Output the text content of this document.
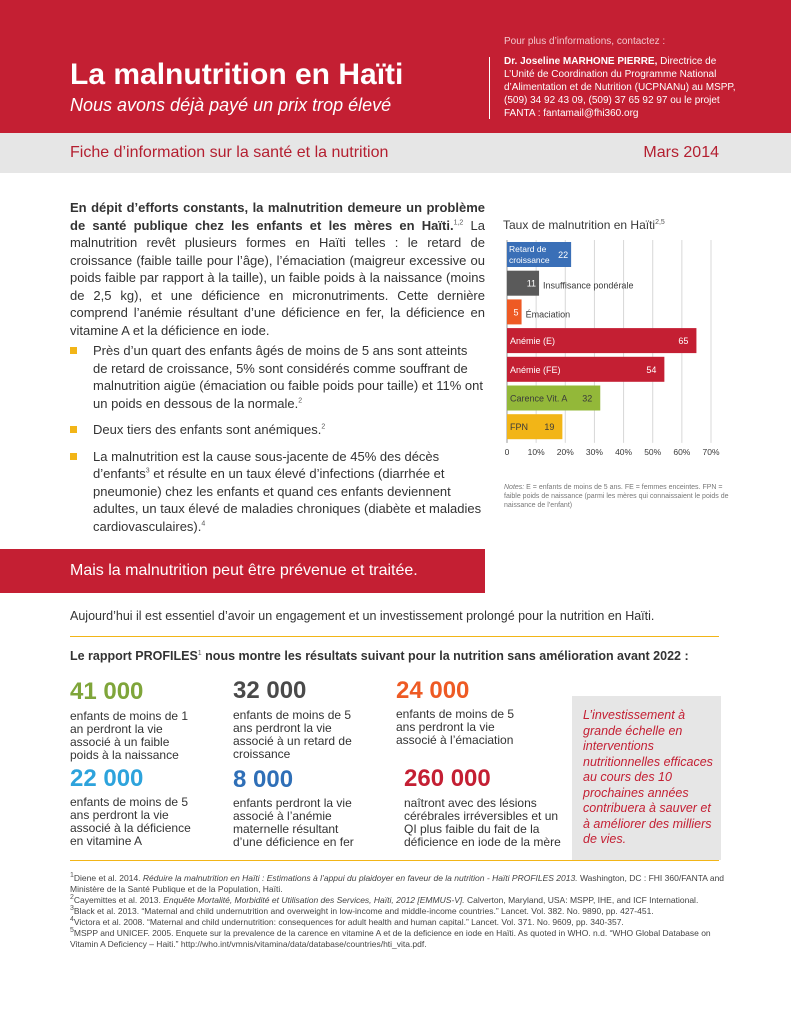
La malnutrition en Haïti
Nous avons déjà payé un prix trop élevé
Pour plus d’informations, contactez :
Dr. Joseline MARHONE PIERRE, Directrice de L’Unité de Coordination du Programme National d’Alimentation et de Nutrition (UCPNANu) au MSPP, (509) 34 92 43 09, (509) 37 65 92 97 ou le projet FANTA : fantamail@fhi360.org
Fiche d’information sur la santé et la nutrition	Mars 2014
En dépit d’efforts constants, la malnutrition demeure un problème de santé publique chez les enfants et les mères en Haïti.$^{1,2}$ La malnutrition revêt plusieurs formes en Haïti telles : le retard de croissance (faible taille pour l’âge), l’émaciation (maigreur excessive ou poids faible par rapport à la taille), un faible poids à la naissance (moins de 2,5 kg), et une déficience en micronutriments. Cette dernière comprend l’anémie résultant d’une déficience en fer, la déficience en vitamine A et la déficience en iode.
Près d’un quart des enfants âgés de moins de 5 ans sont atteints de retard de croissance, 5% sont considérés comme souffrant de malnutrition aigüe (émaciation ou faible poids pour taille) et 11% ont un poids en dessous de la normale.$^2$
Deux tiers des enfants sont anémiques.$^2$
La malnutrition est la cause sous-jacente de 45% des décès d’enfants$^3$ et résulte en un taux élevé d’infections (diarrhée et pneumonie) chez les enfants et quand ces enfants deviennent adultes, un taux élevé de maladies chroniques (diabète et maladies cardiovasculaires).$^4$
Taux de malnutrition en Haïti$^{2,5}$
0 10% 20% 30% 40% 50% 60% 70%
Retard de croissance 22
11 Insuffisance pondérale
5 Émaciation
Anémie (E)	65
Anémie (FE)	54
Carence Vit. A 32
FPN 19
Notes: E = enfants de moins de 5 ans. FE = femmes enceintes. FPN = faible poids de naissance (parmi les mères qui connaissaient le poids de naissance de l’enfant)
Mais la malnutrition peut être prévenue et traitée.
Aujourd’hui il est essentiel d’avoir un engagement et un investissement prolongé pour la nutrition en Haïti.
Le rapport PROFILES$^1$ nous montre les résultats suivant pour la nutrition sans amélioration avant 2022 :
41 000
enfants de moins de 1 an perdront la vie associé à un faible poids à la naissance
32 000
enfants de moins de 5 ans perdront la vie associé à un retard de croissance
24 000
enfants de moins de 5 ans perdront la vie associé à l’émaciation
22 000
enfants de moins de 5 ans perdront la vie associé à la déficience en vitamine A
8 000
enfants perdront la vie associé à l’anémie maternelle résultant d’une déficience en fer
260 000
naîtront avec des lésions cérébrales irréversibles et un QI plus faible du fait de la déficience en iode de la mère
L’investissement à grande échelle en interventions nutritionnelles efficaces au cours des 10 prochaines années contribuera à sauver et à améliorer des milliers de vies.

$^1$Diene et al. 2014. Réduire la malnutrition en Haïti : Estimations à l’appui du plaidoyer en faveur de la nutrition - Haïti PROFILES 2013. Washington, DC : FHI 360/FANTA and Ministère de la Santé Publique et de la Population, Haïti.

$^2$Cayemittes et al. 2013. Enquête Mortalité, Morbidité et Utilisation des Services, Haïti, 2012 [EMMUS-V]. Calverton, Maryland, USA: MSPP, IHE, and ICF International.

$^3$Black et al. 2013. “Maternal and child undernutrition and overweight in low-income and middle-income countries.” Lancet. Vol. 382. No. 9890, pp. 427-451.

$^4$Victora et al. 2008. “Maternal and child undernutrition: consequences for adult health and human capital.” Lancet. Vol. 371. No. 9609, pp. 340-357.

$^5$MSPP and UNICEF. 2005. Enquete sur la prevalence de la carence en vitamine A et de la deficience en iode en Haïti. As quoted in WHO. n.d. “WHO Global Database on Vitamin A Deficiency – Haiti.” http://who.int/vmnis/vitamina/data/database/countries/hti_vita.pdf.
